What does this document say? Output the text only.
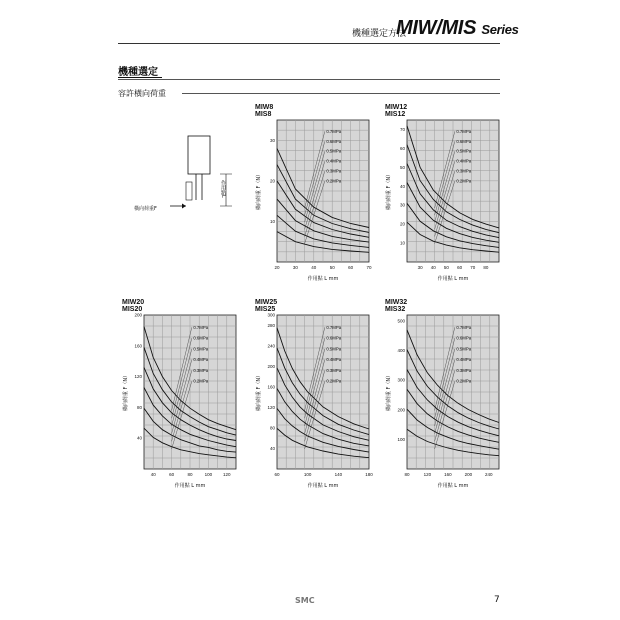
機種選定方法
MIW/MIS Series
機種選定
容許橫向荷重
橫向荷重F
作用點L
MIW8
MIS8
20	30	40	50	60	70
10
20
30
作用點 L mm
橫向荷重 F（N）
0.7MPa
0.6MPa
0.5MPa
0.4MPa
0.3MPa
0.2MPa
MIW12
MIS12
30 40 50 60 70 80
10
20
30
40
50
60
70
作用點 L mm
橫向荷重 F（N）
0.7MPa
0.6MPa
0.5MPa
0.4MPa
0.3MPa
0.2MPa
MIW20
MIS20
40	60	80	100 120
40
80
120
160
200
作用點 L mm
橫向荷重 F（N）
0.7MPa
0.6MPa
0.5MPa
0.4MPa
0.3MPa
0.2MPa
MIW25
MIS25
60	100	140	180
40
80
120
160
200
240
280
300
作用點 L mm
橫向荷重 F（N）
0.7MPa
0.6MPa
0.5MPa
0.4MPa
0.3MPa
0.2MPa
MIW32
MIS32
80	120	160	200	240
100
200
300
400
500
作用點 L mm
橫向荷重 F（N）
0.7MPa
0.6MPa
0.5MPa
0.4MPa
0.3MPa
0.2MPa
SMC	7
